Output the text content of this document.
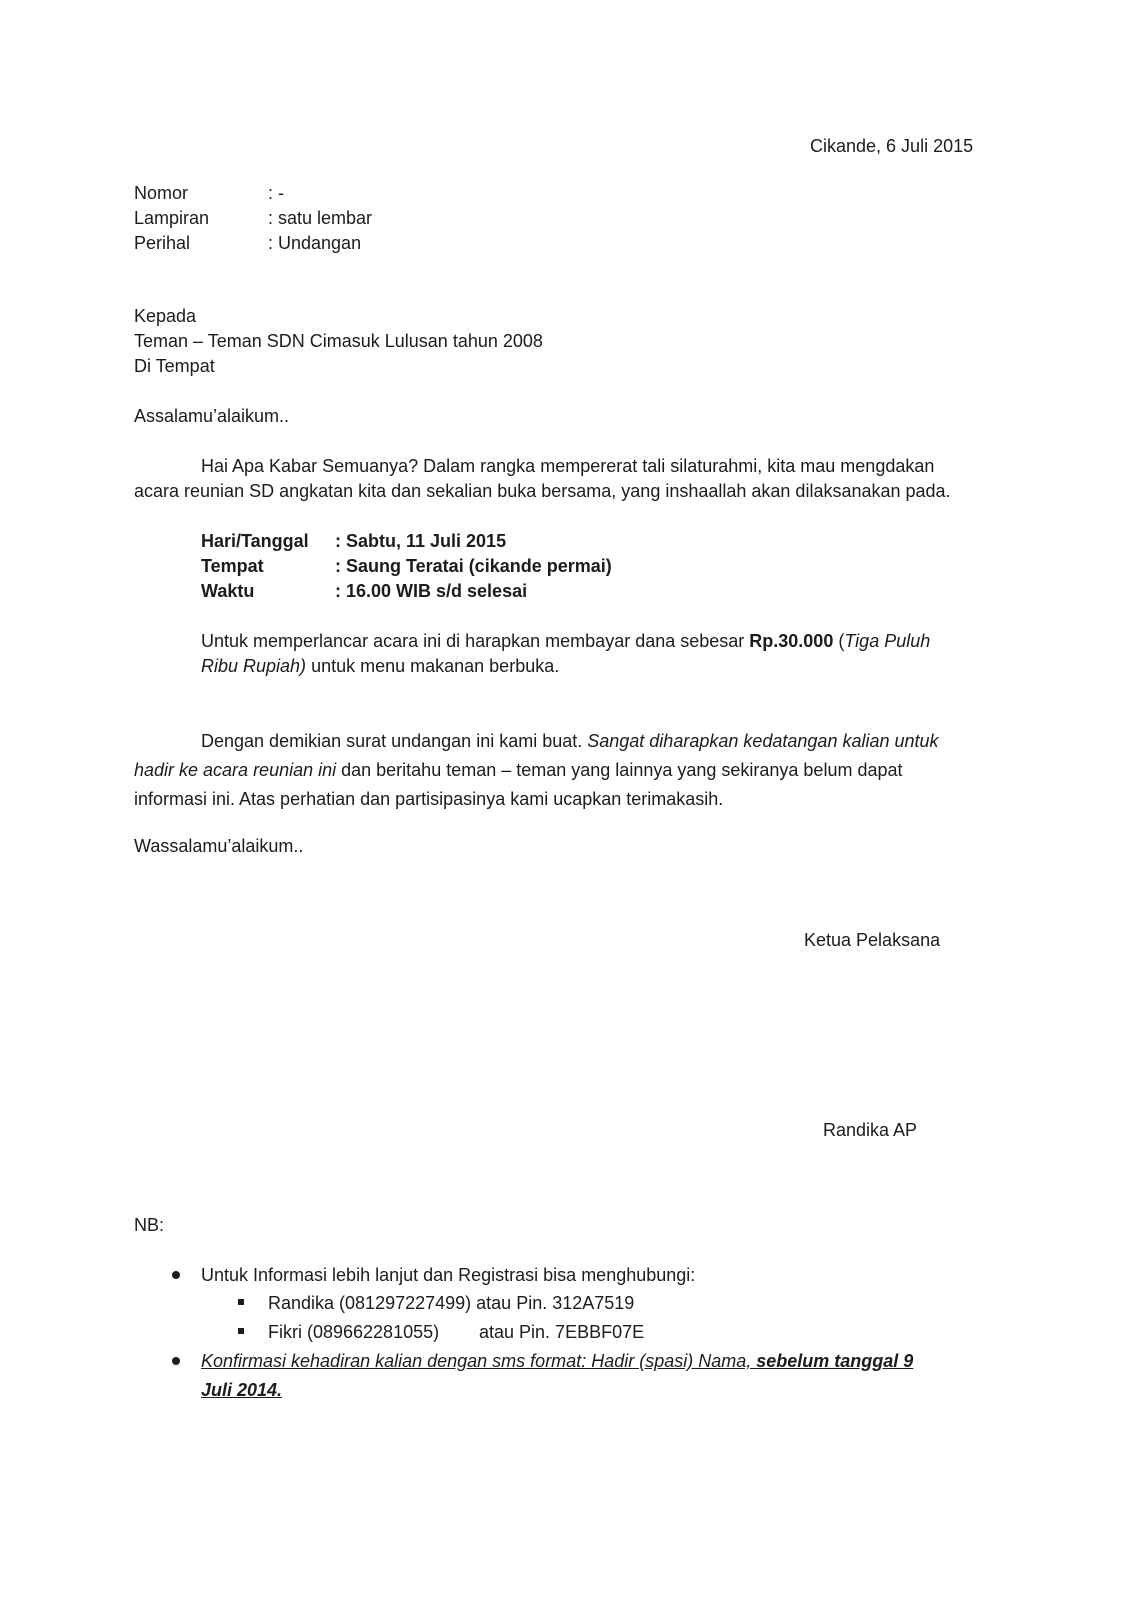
Cikande, 6 Juli 2015
Nomor	: -
Lampiran	: satu lembar
Perihal	: Undangan
Kepada
Teman – Teman SDN Cimasuk Lulusan tahun 2008
Di Tempat
Assalamu’alaikum..
Hai Apa Kabar Semuanya? Dalam rangka mempererat tali silaturahmi, kita mau mengdakan
acara reunian SD angkatan kita dan sekalian buka bersama, yang inshaallah akan dilaksanakan pada.
Hari/Tanggal : Sabtu, 11 Juli 2015
Tempat	: Saung Teratai (cikande permai)
Waktu	: 16.00 WIB s/d selesai
Untuk memperlancar acara ini di harapkan membayar dana sebesar Rp.30.000 (Tiga Puluh
Ribu Rupiah) untuk menu makanan berbuka.
Dengan demikian surat undangan ini kami buat. Sangat diharapkan kedatangan kalian untuk
hadir ke acara reunian ini dan beritahu teman – teman yang lainnya yang sekiranya belum dapat
informasi ini. Atas perhatian dan partisipasinya kami ucapkan terimakasih.
Wassalamu’alaikum..
Ketua Pelaksana
Randika AP
NB:
Untuk Informasi lebih lanjut dan Registrasi bisa menghubungi:
Randika (081297227499) atau Pin. 312A7519
Fikri (089662281055) atau Pin. 7EBBF07E
Konfirmasi kehadiran kalian dengan sms format: Hadir (spasi) Nama, sebelum tanggal 9
Juli 2014.
